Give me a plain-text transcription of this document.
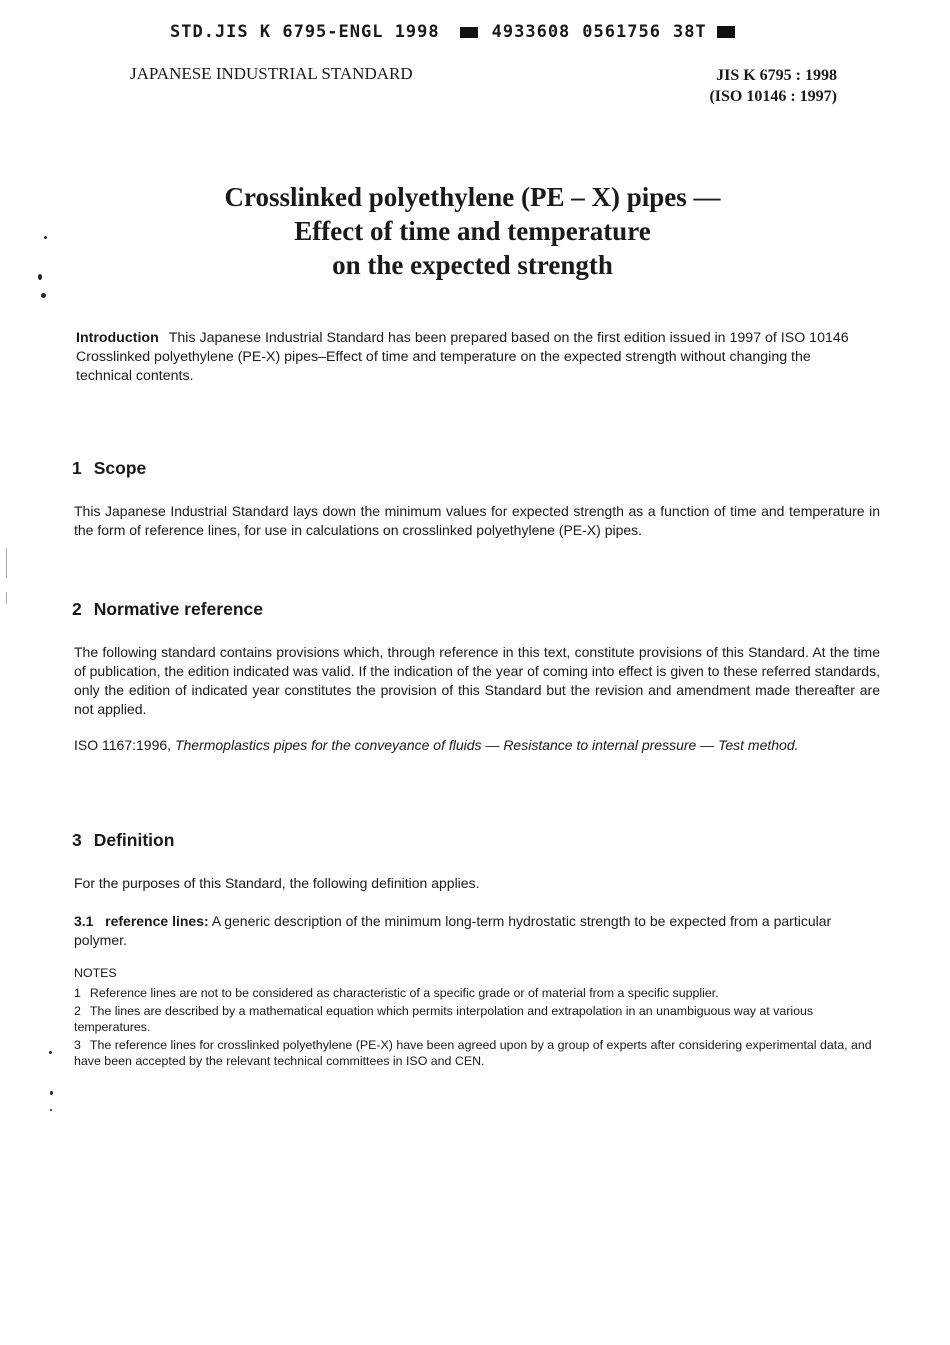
STD.JIS K 6795-ENGL 1998	4933608 0561756 38T
JAPANESE INDUSTRIAL STANDARD	JIS K 6795 : 1998
(ISO 10146 : 1997)
Crosslinked polyethylene (PE – X) pipes —
Effect of time and temperature
on the expected strength
Introduction This Japanese Industrial Standard has been prepared based on the first edition issued in 1997 of ISO 10146 Crosslinked polyethylene (PE-X) pipes–Effect of time and temperature on the expected strength without changing the technical contents.
1 Scope
This Japanese Industrial Standard lays down the minimum values for expected strength as a function of time and temperature in the form of reference lines, for use in calculations on crosslinked polyethylene (PE-X) pipes.
2 Normative reference
The following standard contains provisions which, through reference in this text, constitute provisions of this Standard. At the time of publication, the edition indicated was valid. If the indication of the year of coming into effect is given to these referred standards, only the edition of indicated year constitutes the provision of this Standard but the revision and amendment made thereafter are not applied.
ISO 1167:1996, Thermoplastics pipes for the conveyance of fluids — Resistance to internal pressure — Test method.
3 Definition
For the purposes of this Standard, the following definition applies.
3.1 reference lines: A generic description of the minimum long-term hydrostatic strength to be expected from a particular polymer.
NOTES
1 Reference lines are not to be considered as characteristic of a specific grade or of material from a specific supplier.
2 The lines are described by a mathematical equation which permits interpolation and extrapolation in an unambiguous way at various temperatures.
3 The reference lines for crosslinked polyethylene (PE-X) have been agreed upon by a group of experts after considering experimental data, and have been accepted by the relevant technical committees in ISO and CEN.
